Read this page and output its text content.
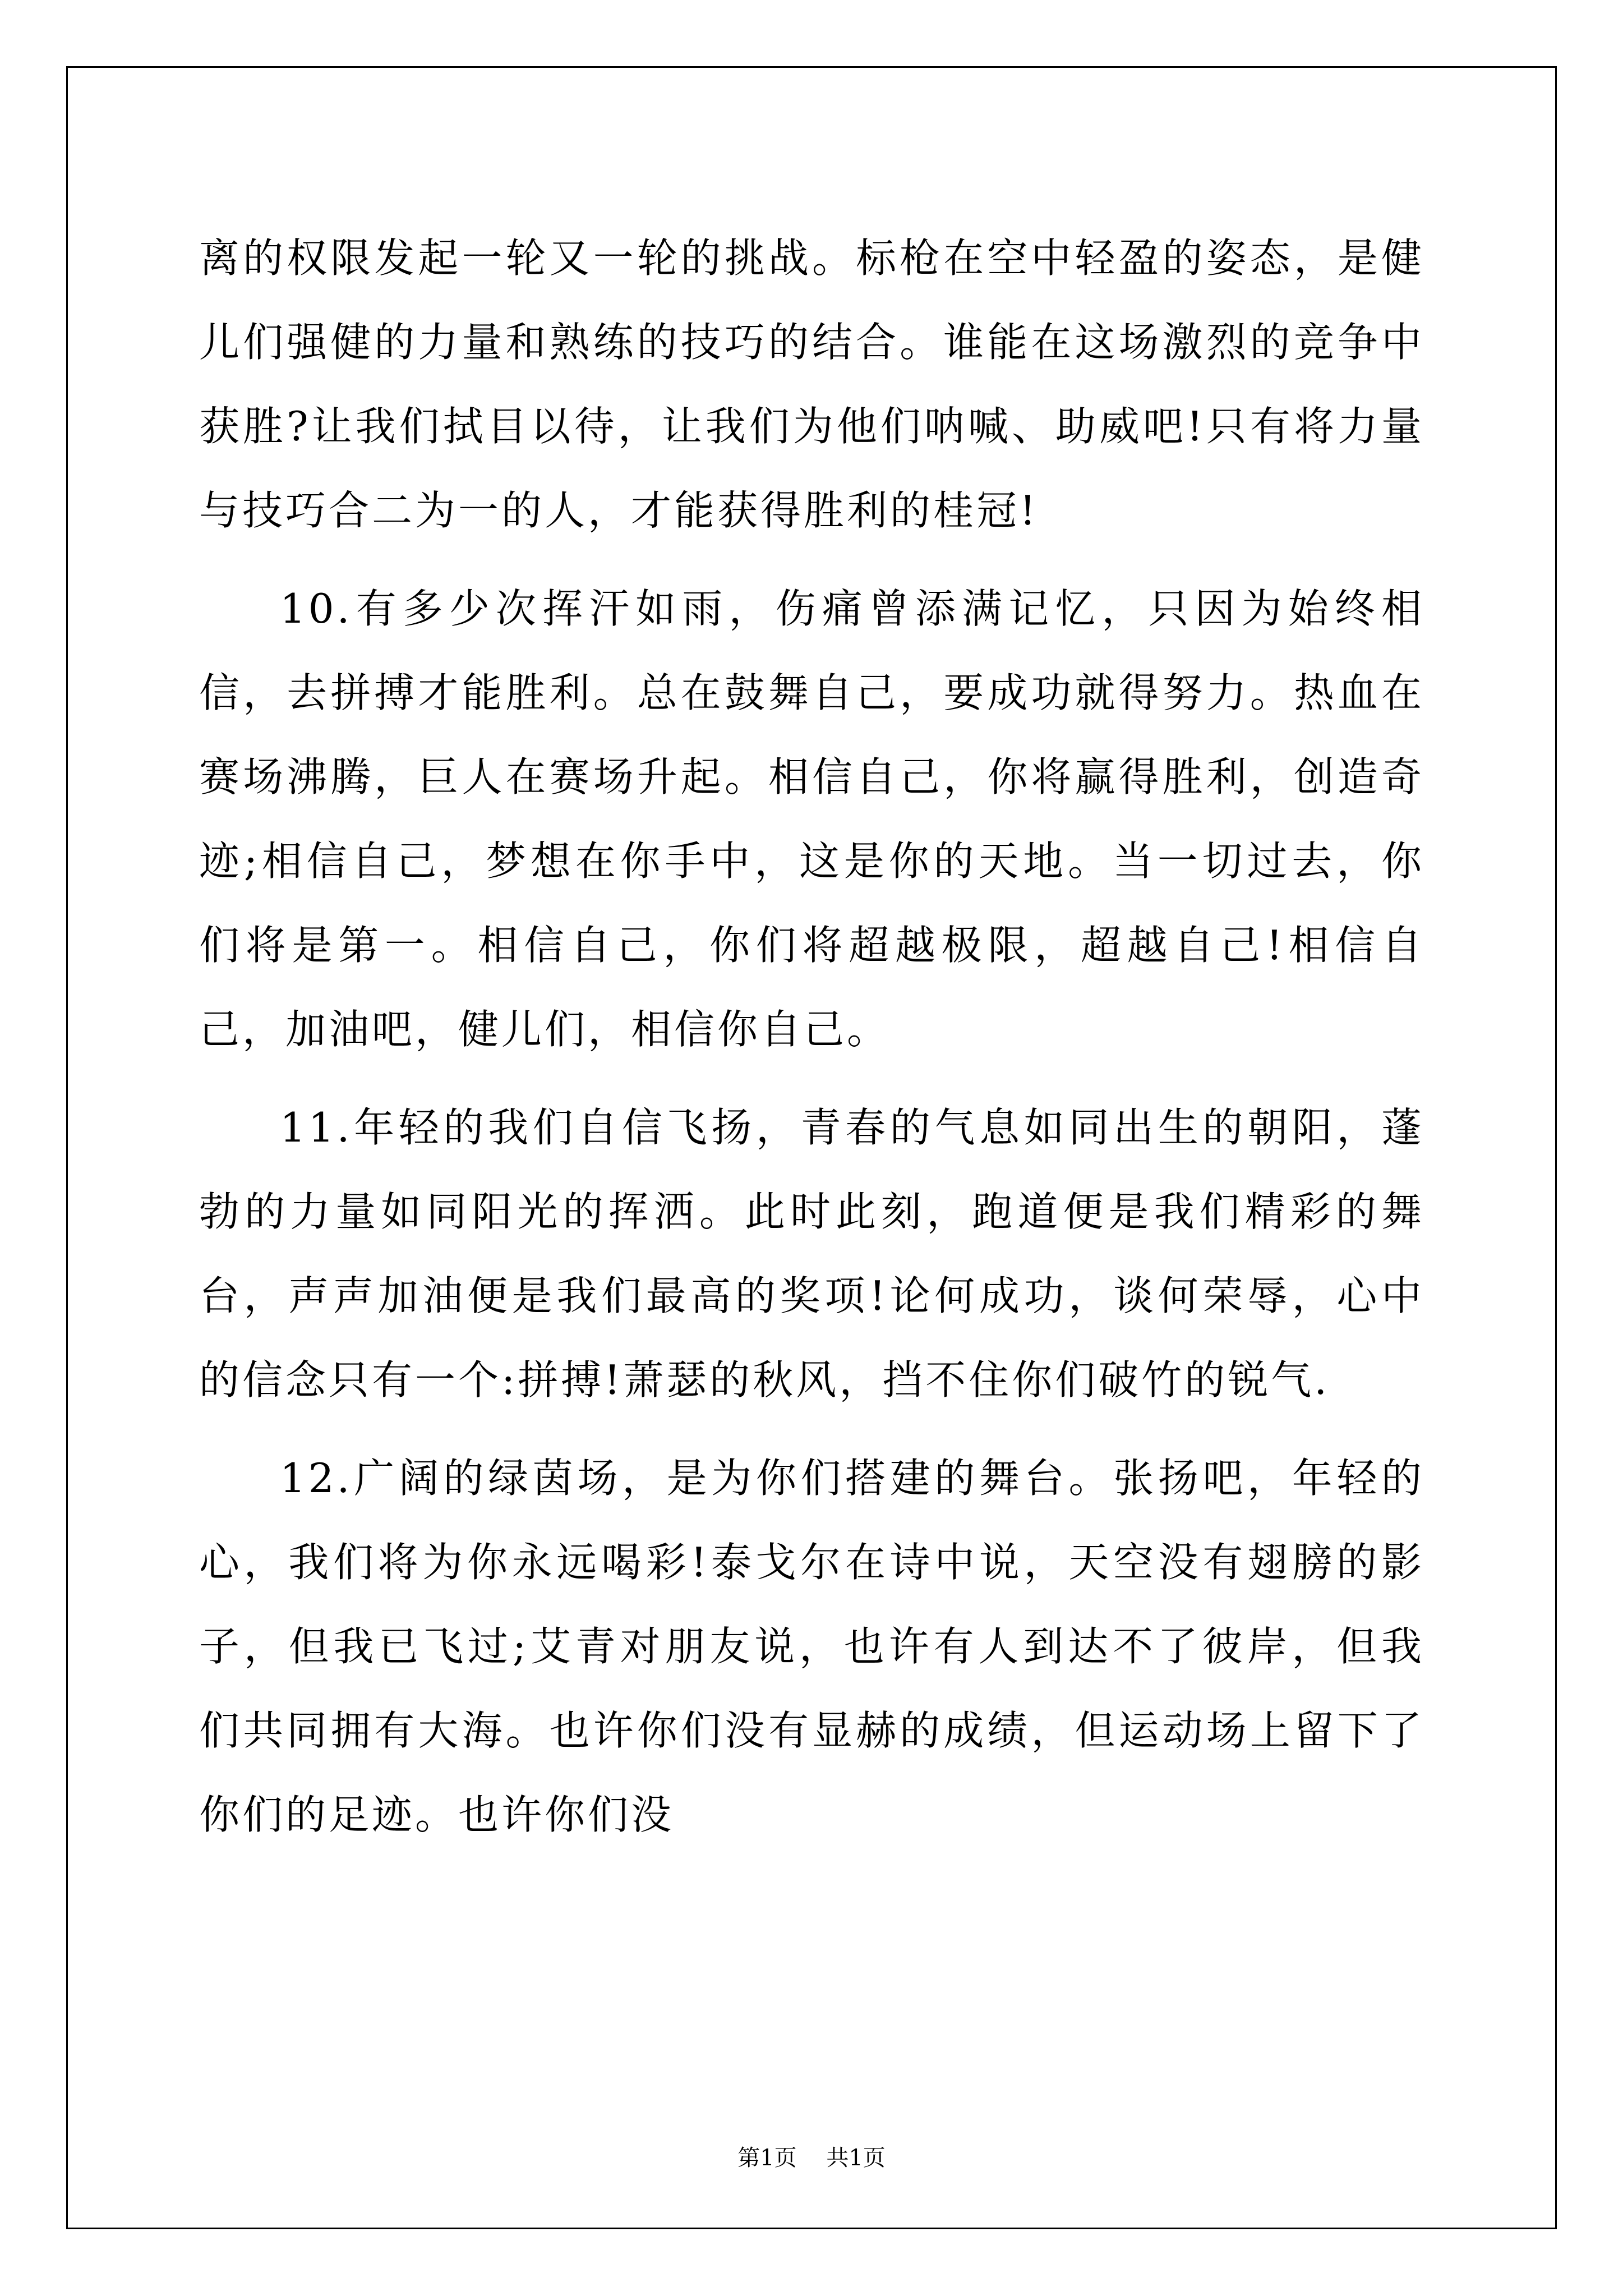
离的权限发起一轮又一轮的挑战。标枪在空中轻盈的姿态，是健儿们强健的力量和熟练的技巧的结合。谁能在这场激烈的竞争中获胜?让我们拭目以待，让我们为他们呐喊、助威吧!只有将力量与技巧合二为一的人，才能获得胜利的桂冠!

10.有多少次挥汗如雨，伤痛曾添满记忆，只因为始终相信，去拼搏才能胜利。总在鼓舞自己，要成功就得努力。热血在赛场沸腾，巨人在赛场升起。相信自己，你将赢得胜利，创造奇迹;相信自己，梦想在你手中，这是你的天地。当一切过去，你们将是第一。相信自己，你们将超越极限，超越自己!相信自己，加油吧，健儿们，相信你自己。

11.年轻的我们自信飞扬，青春的气息如同出生的朝阳，蓬勃的力量如同阳光的挥洒。此时此刻，跑道便是我们精彩的舞台，声声加油便是我们最高的奖项!论何成功，谈何荣辱，心中的信念只有一个:拼搏!萧瑟的秋风，挡不住你们破竹的锐气.

12.广阔的绿茵场，是为你们搭建的舞台。张扬吧，年轻的心，我们将为你永远喝彩!泰戈尔在诗中说，天空没有翅膀的影子，但我已飞过;艾青对朋友说，也许有人到达不了彼岸，但我们共同拥有大海。也许你们没有显赫的成绩，但运动场上留下了你们的足迹。也许你们没

第1页 共1页
